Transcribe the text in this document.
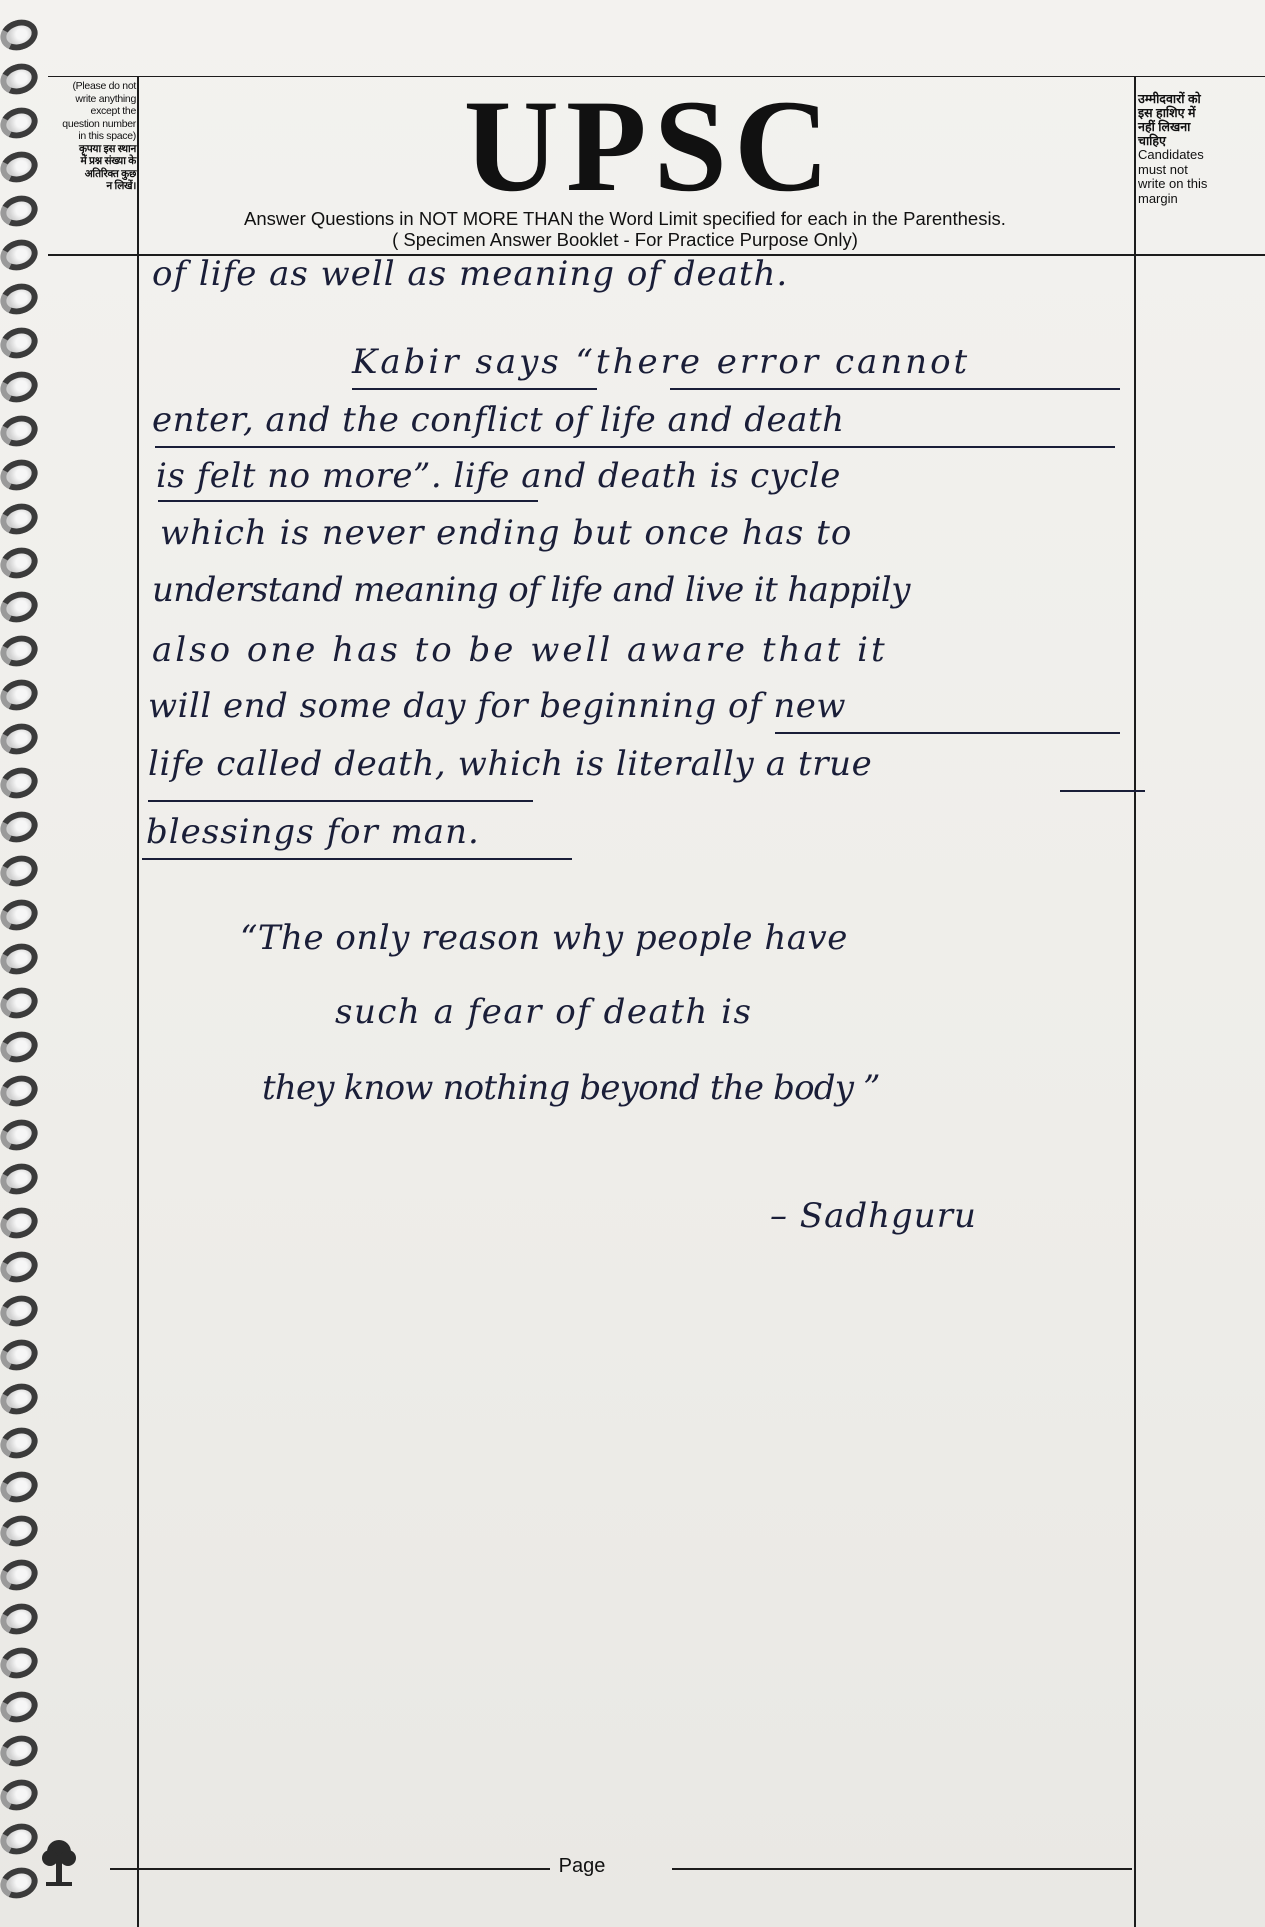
(Please do not
write anything
except the
question number
in this space)
कृपया इस स्थान
में प्रश्न संख्या के
अतिरिक्त कुछ
न लिखें।	UPSC
Answer Questions in NOT MORE THAN the Word Limit specified for each in the Parenthesis.
( Specimen Answer Booklet - For Practice Purpose Only)
उम्मीदवारों को
इस हाशिए में
नहीं लिखना
चाहिए
Candidates
must not
write on this
margin
of life as well as meaning of death.
Kabir says “there error cannot
enter, and the conflict of life and death
is felt no more”. life and death is cycle
which is never ending but once has to
understand meaning of life and live it happily
also one has to be well aware that it
will end some day for beginning of new
life called death, which is literally a true
blessings for man.
“The only reason why people have
such a fear of death is
they know nothing beyond the body ”
– Sadhguru
Page
